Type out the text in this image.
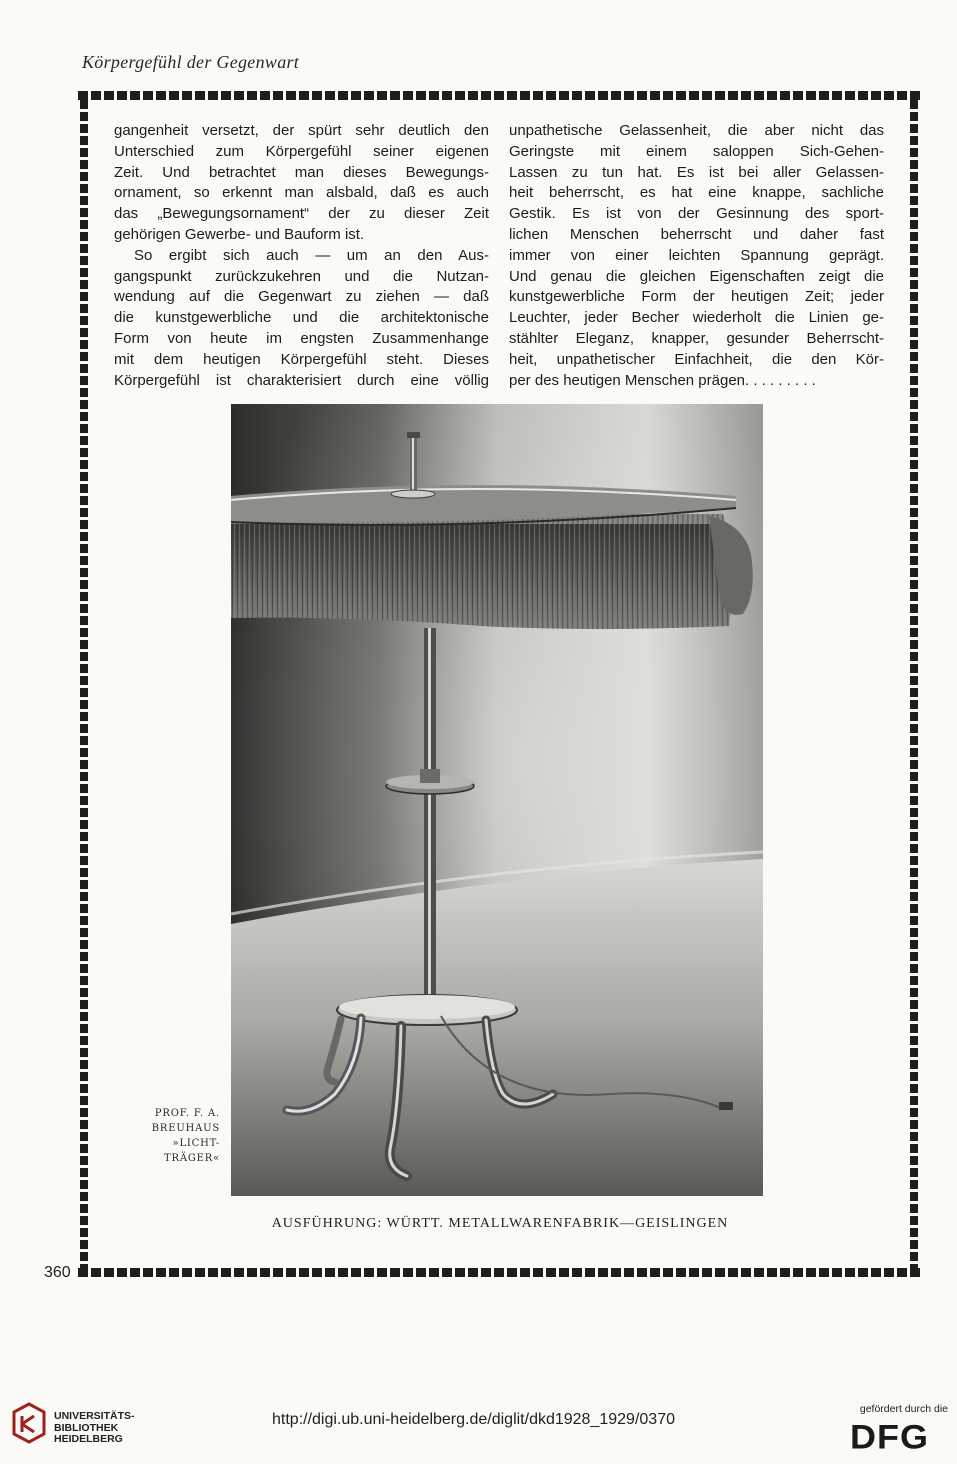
Körpergefühl der Gegenwart
360
gangenheit versetzt, der spürt sehr deutlich den
Unterschied zum Körpergefühl seiner eigenen
Zeit. Und betrachtet man dieses Bewegungs-
ornament, so erkennt man alsbald, daß es auch
das „Bewegungsornament“ der zu dieser Zeit
gehörigen Gewerbe- und Bauform ist.
So ergibt sich auch — um an den Aus-
gangspunkt zurückzukehren und die Nutzan-
wendung auf die Gegenwart zu ziehen — daß
die kunstgewerbliche und die architektonische
Form von heute im engsten Zusammenhange
mit dem heutigen Körpergefühl steht. Dieses
Körpergefühl ist charakterisiert durch eine völlig
unpathetische Gelassenheit, die aber nicht das
Geringste mit einem saloppen Sich-Gehen-
Lassen zu tun hat. Es ist bei aller Gelassen-
heit beherrscht, es hat eine knappe, sachliche
Gestik. Es ist von der Gesinnung des sport-
lichen Menschen beherrscht und daher fast
immer von einer leichten Spannung geprägt.
Und genau die gleichen Eigenschaften zeigt die
kunstgewerbliche Form der heutigen Zeit; jeder
Leuchter, jeder Becher wiederholt die Linien ge-
stählter Eleganz, knapper, gesunder Beherrscht-
heit, unpathetischer Einfachheit, die den Kör-
per des heutigen Menschen prägen. . . . . . . . .
PROF. F. A.
BREUHAUS
»LICHT-
TRÄGER«
AUSFÜHRUNG: WÜRTT. METALLWARENFABRIK—GEISLINGEN
UNIVERSITÄTS-
BIBLIOTHEK
HEIDELBERG
http://digi.ub.uni-heidelberg.de/diglit/dkd1928_1929/0370
gefördert durch die
DFG
